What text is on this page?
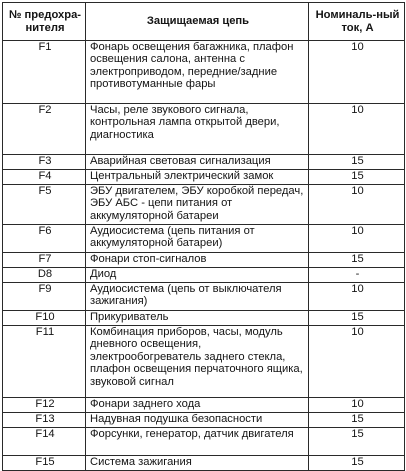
№ предохра-нителя	Защищаемая цепь	Номиналь-ный ток, А
F1	Фонарь освещения багажника, плафон освещения салона, антенна с электроприводом, передние/задние противотуманные фары	10
F2	Часы, реле звукового сигнала, контрольная лампа открытой двери, диагностика	10
F3	Аварийная световая сигнализация	15
F4	Центральный электрический замок	15
F5	ЭБУ двигателем, ЭБУ коробкой передач, ЭБУ АБС - цепи питания от аккумуляторной батареи	10
F6	Аудиосистема (цепь питания от аккумуляторной батареи)	10
F7	Фонари стоп-сигналов	15
D8	Диод	-
F9	Аудиосистема (цепь от выключателя зажигания)	10
F10	Прикуриватель	15
F11	Комбинация приборов, часы, модуль дневного освещения, электрообогреватель заднего стекла, плафон освещения перчаточного ящика, звуковой сигнал	10
F12	Фонари заднего хода	10
F13	Надувная подушка безопасности	15
F14	Форсунки, генератор, датчик двигателя	15
F15	Система зажигания	15
